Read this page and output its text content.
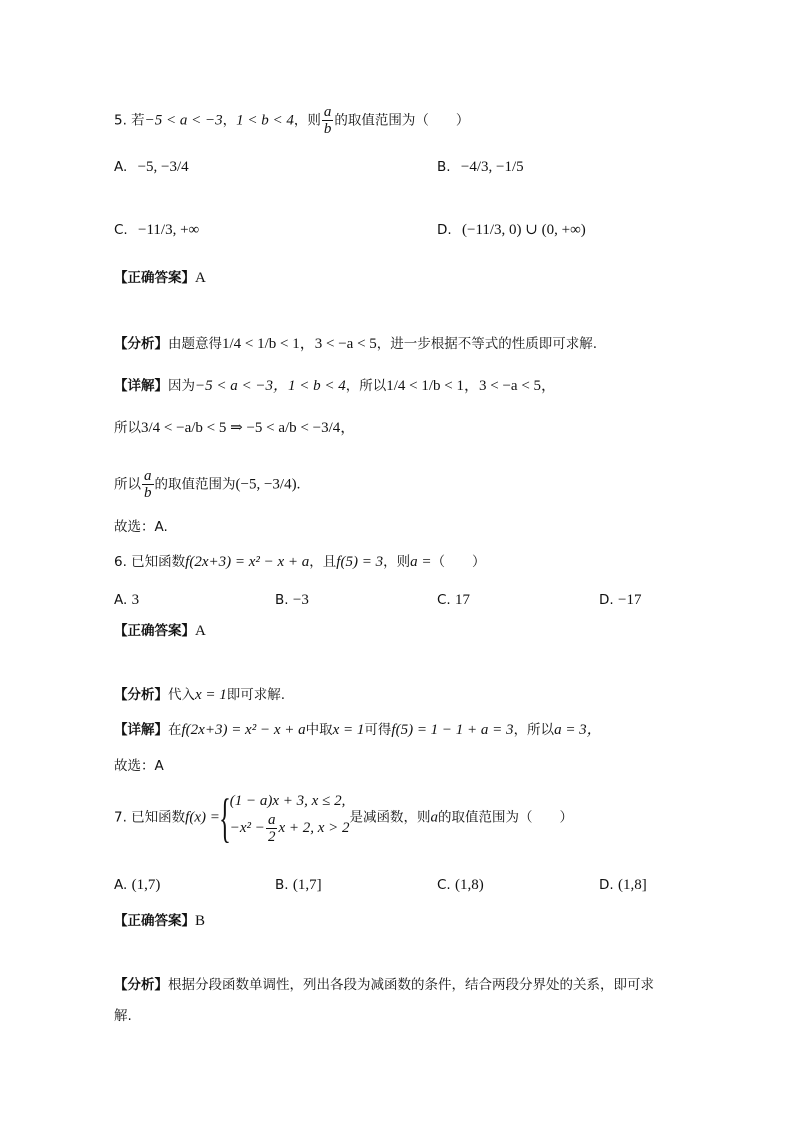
5. 若−5 < a < −3，1 < b < 4，则 $\frac{a}{b}$ 的取值范围为（　　）
A. −5, −3/4	B. −4/3, −1/5
C. −11/3, +∞	D. (−11/3, 0) ∪ (0, +∞)
【正确答案】A
【分析】由题意得1/4 < 1/b < 1，3 < −a < 5，进一步根据不等式的性质即可求解.
【详解】因为−5 < a < −3，1 < b < 4，所以1/4 < 1/b < 1，3 < −a < 5，
所以3/4 < −a/b < 5 ⇒ −5 < a/b < −3/4，
所以 $\frac{a}{b}$ 的取值范围为(−5, −3/4).
故选：A.
6. 已知函数f(2x+3) = x² − x + a，且f(5) = 3，则a =（　　）
A. 3	B. −3	C. 17	D. −17
【正确答案】A
【分析】代入x = 1即可求解.
【详解】在f(2x+3) = x² − x + a中取x = 1可得f(5) = 1 − 1 + a = 3，所以a = 3，
故选：A
7. 已知函数f(x) ={ (1 − a)x + 3, x ≤ 2,
$-x^2 - \frac{a}{2}$ x + 2, x > 2
是减函数，则a的取值范围为（　　）
A. (1,7)	B. (1,7]	C. (1,8)	D. (1,8]
【正确答案】B
【分析】根据分段函数单调性，列出各段为减函数的条件，结合两段分界处的关系，即可求
解.
